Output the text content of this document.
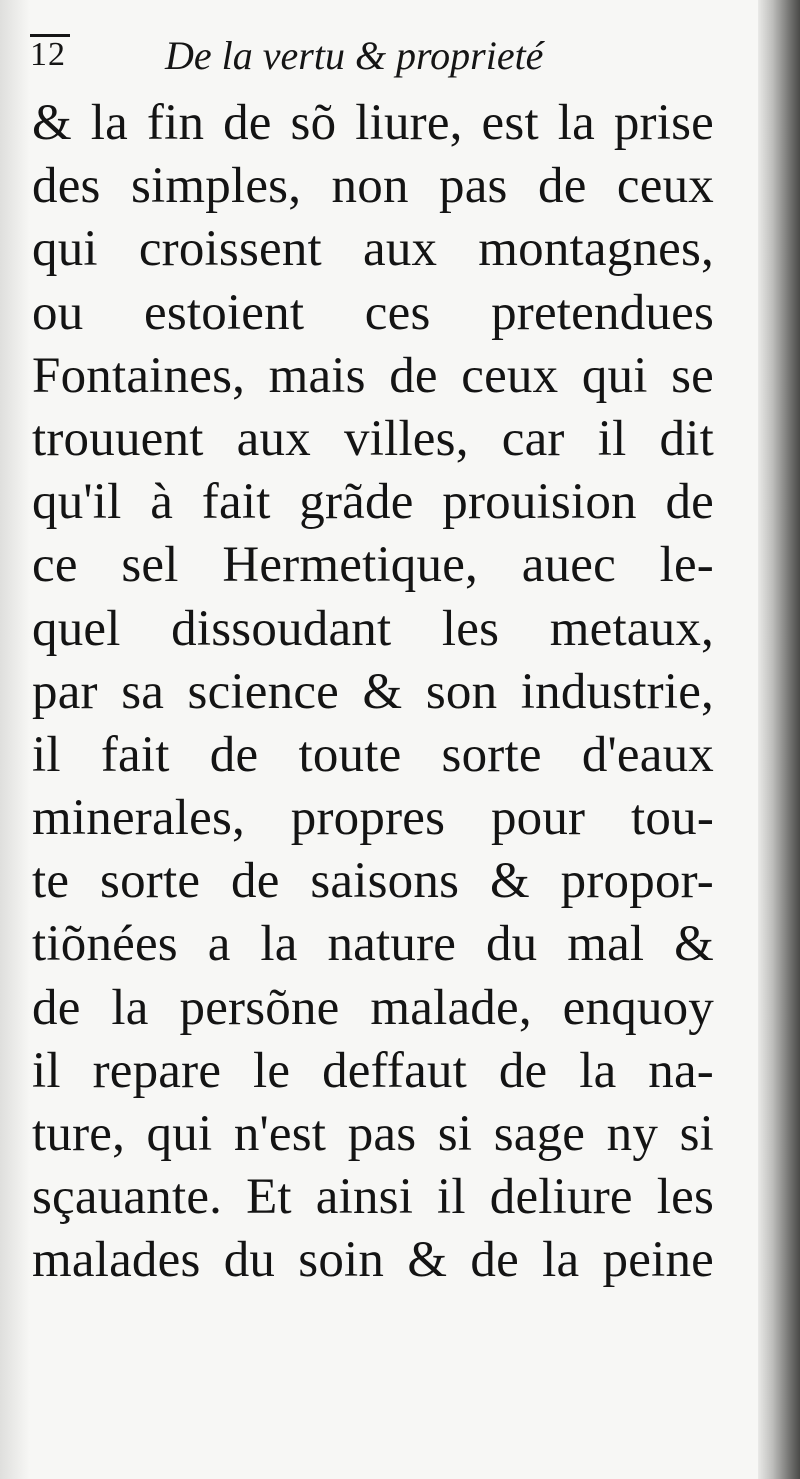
12 De la vertu & proprieté
& la fin de sõ liure, est la prise
des simples, non pas de ceux
qui croissent aux montagnes,
ou estoient ces pretendues
Fontaines, mais de ceux qui se
trouuent aux villes, car il dit
qu'il à fait grãde prouision de
ce sel Hermetique, auec le-
quel dissoudant les metaux,
par sa science & son industrie,
il fait de toute sorte d'eaux
minerales, propres pour tou-
te sorte de saisons & propor-
tiõnées a la nature du mal &
de la persõne malade, enquoy
il repare le deffaut de la na-
ture, qui n'est pas si sage ny si
sçauante. Et ainsi il deliure les
malades du soin & de la peine
